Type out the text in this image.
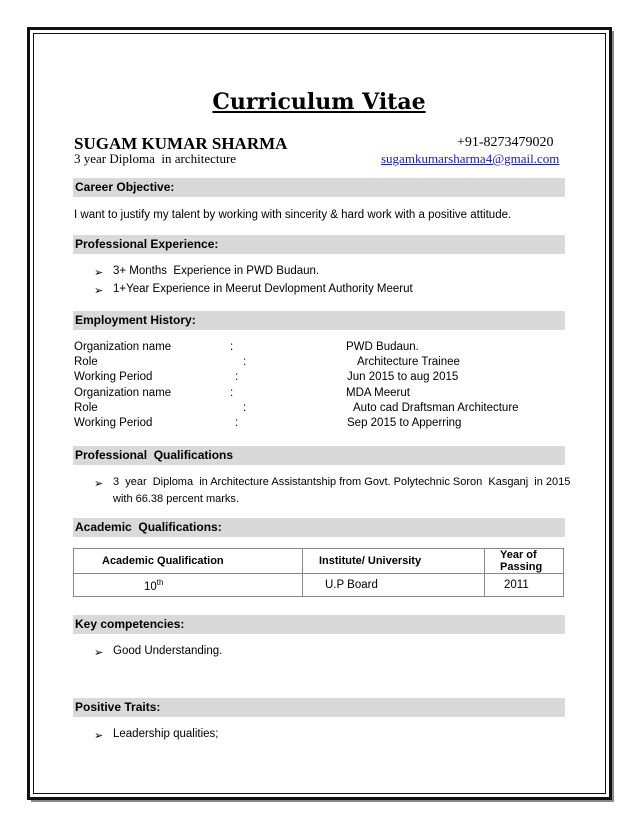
Curriculum Vitae
SUGAM KUMAR SHARMA	+91-8273479020
3 year Diploma  in architecture	sugamkumarsharma4@gmail.com
Career Objective:
I want to justify my talent by working with sincerity & hard work with a positive attitude.
Professional Experience:
➢ 3+ Months  Experience in PWD Budaun.
➢ 1+Year Experience in Meerut Devlopment Authority Meerut
Employment History:
Organization name	:	PWD Budaun.
Role	:	Architecture Trainee
Working Period	:	Jun 2015 to aug 2015
Organization name	:	MDA Meerut
Role	:	Auto cad Draftsman Architecture
Working Period	:	Sep 2015 to Apperring
Professional  Qualifications
➢ 3  year  Diploma  in Architecture Assistantship from Govt. Polytechnic Soron  Kasganj  in 2015
with 66.38 percent marks.
Academic  Qualifications:
Academic Qualification	Institute/ University	Year of Passing
10th	U.P Board	2011
Key competencies:
➢ Good Understanding.
Positive Traits:
➢ Leadership qualities;
